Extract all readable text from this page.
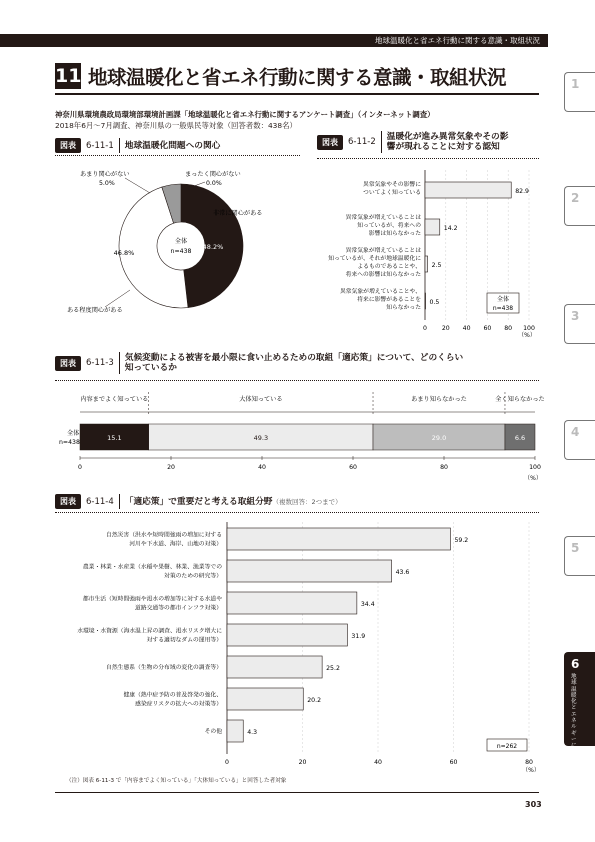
地球温暖化と省エネ行動に関する意識・取組状況
11 地球温暖化と省エネ行動に関する意識・取組状況
神奈川県環境農政局環境部環境計画課「地球温暖化と省エネ行動に関するアンケート調査」（インターネット調査）
2018年6月～7月調査、神奈川県の一般県民等対象（回答者数：438名）
1
2
3
4
5
6
地球温暖化とエネルギーに関する意識
図表	6-11-1 地球温暖化問題への関心
全体
n=438
48.2%
46.8%
非常に関心がある
ある程度関心がある
あまり関心がない
5.0%
まったく関心がない
0.0%
図表	6-11-2 温暖化が進み異常気象やその影
響が現れることに対する認知
異常気象やその影響に
ついてよく知っている
異常気象が増えていることは
知っているが、将来への
影響は知らなかった
異常気象が増えていることは
知っているが、それが地球温暖化に
よるものであることや、
将来への影響は知らなかった
異常気象が増えていることや、
将来に影響があることを
知らなかった
0 20 40 60 80 100
82.9
14.2
2.5
0.5	全体
n=438
（%）
図表	6-11-3 気候変動による被害を最小限に食い止めるための取組「適応策」について、どのくらい
知っているか
15.1
内容までよく知っている
49.3
大体知っている
29.0
あまり知らなかった
6.6
全く知らなかった
0	20	40	60	80	100
全体
n=438
（%）
図表	6-11-4 「適応策」で重要だと考える取組分野（複数回答：2つまで）
0	20	40	60	80
59.2
自然災害（洪水や短時間強雨の増加に対する
河川や下水道、海岸、山地の対策）
43.6
農業・林業・水産業（水稲や果樹、林業、漁業等での
対策のための研究等）
34.4
都市生活（短時間強雨や渇水の増加等に対する水道や
道路交通等の都市インフラ対策）
31.9
水環境・水資源（海水温上昇の調査、渇水リスク増大に
対する適切なダムの運用等）
25.2
自然生態系（生物の分布域の変化の調査等）
20.2
健康（熱中症予防の普及啓発の強化、
感染症リスクの拡大への対策等）
4.3
その他
n=262
（%）
（注）図表 6-11-3 で「内容までよく知っている」「大体知っている」と回答した者対象
303
